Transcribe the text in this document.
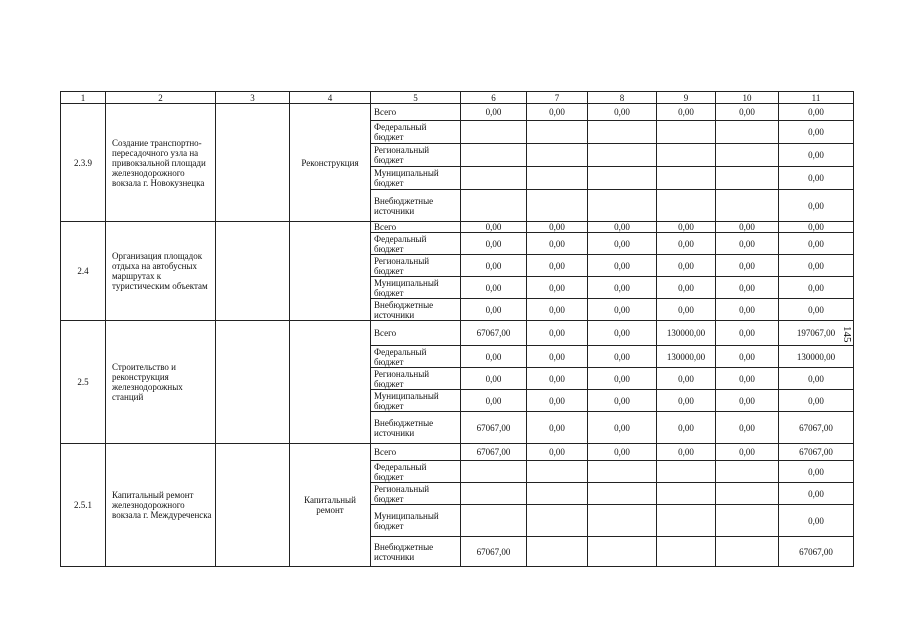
1	2	3	4	5	6	7	8	9	10	11
2.3.9	Создание транспортно-пересадочного узла на привокзальной площади железнодорожного вокзала г. Новокузнецка		Реконструкция	Всего	0,00	0,00	0,00	0,00	0,00	0,00
				Федеральный бюджет						0,00
				Региональный бюджет						0,00
				Муниципальный бюджет						0,00
				Внебюджетные источники						0,00
2.4	Организация площадок отдыха на автобусных маршрутах к туристическим объектам			Всего	0,00	0,00	0,00	0,00	0,00	0,00
				Федеральный бюджет	0,00	0,00	0,00	0,00	0,00	0,00
				Региональный бюджет	0,00	0,00	0,00	0,00	0,00	0,00
				Муниципальный бюджет	0,00	0,00	0,00	0,00	0,00	0,00
				Внебюджетные источники	0,00	0,00	0,00	0,00	0,00	0,00
2.5	Строительство и реконструкция железнодорожных станций			Всего	67067,00	0,00	0,00	130000,00	0,00	197067,00
				Федеральный бюджет	0,00	0,00	0,00	130000,00	0,00	130000,00
				Региональный бюджет	0,00	0,00	0,00	0,00	0,00	0,00
				Муниципальный бюджет	0,00	0,00	0,00	0,00	0,00	0,00
				Внебюджетные источники	67067,00	0,00	0,00	0,00	0,00	67067,00
2.5.1	Капитальный ремонт железнодорожного вокзала г. Междуреченска		Капитальный ремонт	Всего	67067,00	0,00	0,00	0,00	0,00	67067,00
				Федеральный бюджет						0,00
				Региональный бюджет						0,00
				Муниципальный бюджет						0,00
				Внебюджетные источники	67067,00					67067,00
145
